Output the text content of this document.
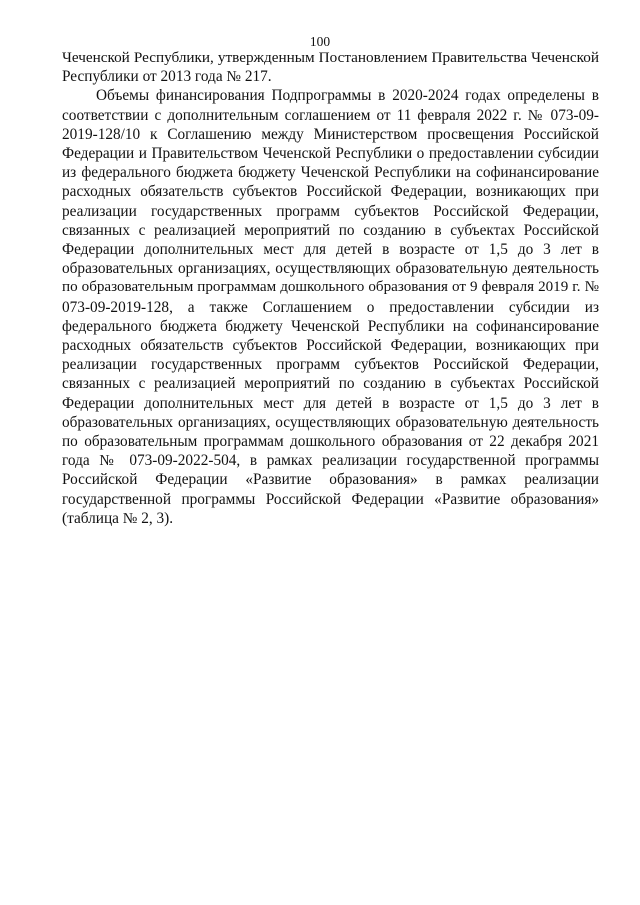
100
Чеченской Республики, утвержденным Постановлением Правительства Чеченской
Республики от 2013 года № 217.
Объемы финансирования Подпрограммы в 2020-2024 годах определены в
соответствии с дополнительным соглашением от 11 февраля 2022 г. № 073-09-
2019-128/10 к Соглашению между Министерством просвещения Российской
Федерации и Правительством Чеченской Республики о предоставлении субсидии
из федерального бюджета бюджету Чеченской Республики на софинансирование
расходных обязательств субъектов Российской Федерации, возникающих при
реализации государственных программ субъектов Российской Федерации,
связанных с реализацией мероприятий по созданию в субъектах Российской
Федерации дополнительных мест для детей в возрасте от 1,5 до 3 лет в
образовательных организациях, осуществляющих образовательную деятельность
по образовательным программам дошкольного образования от 9 февраля 2019 г. №
073-09-2019-128, а также Соглашением о предоставлении субсидии из
федерального бюджета бюджету Чеченской Республики на софинансирование
расходных обязательств субъектов Российской Федерации, возникающих при
реализации государственных программ субъектов Российской Федерации,
связанных с реализацией мероприятий по созданию в субъектах Российской
Федерации дополнительных мест для детей в возрасте от 1,5 до 3 лет в
образовательных организациях, осуществляющих образовательную деятельность
по образовательным программам дошкольного образования от 22 декабря 2021
года № 073-09-2022-504, в рамках реализации государственной программы
Российской Федерации «Развитие образования» в рамках реализации
государственной программы Российской Федерации «Развитие образования»
(таблица № 2, 3).
